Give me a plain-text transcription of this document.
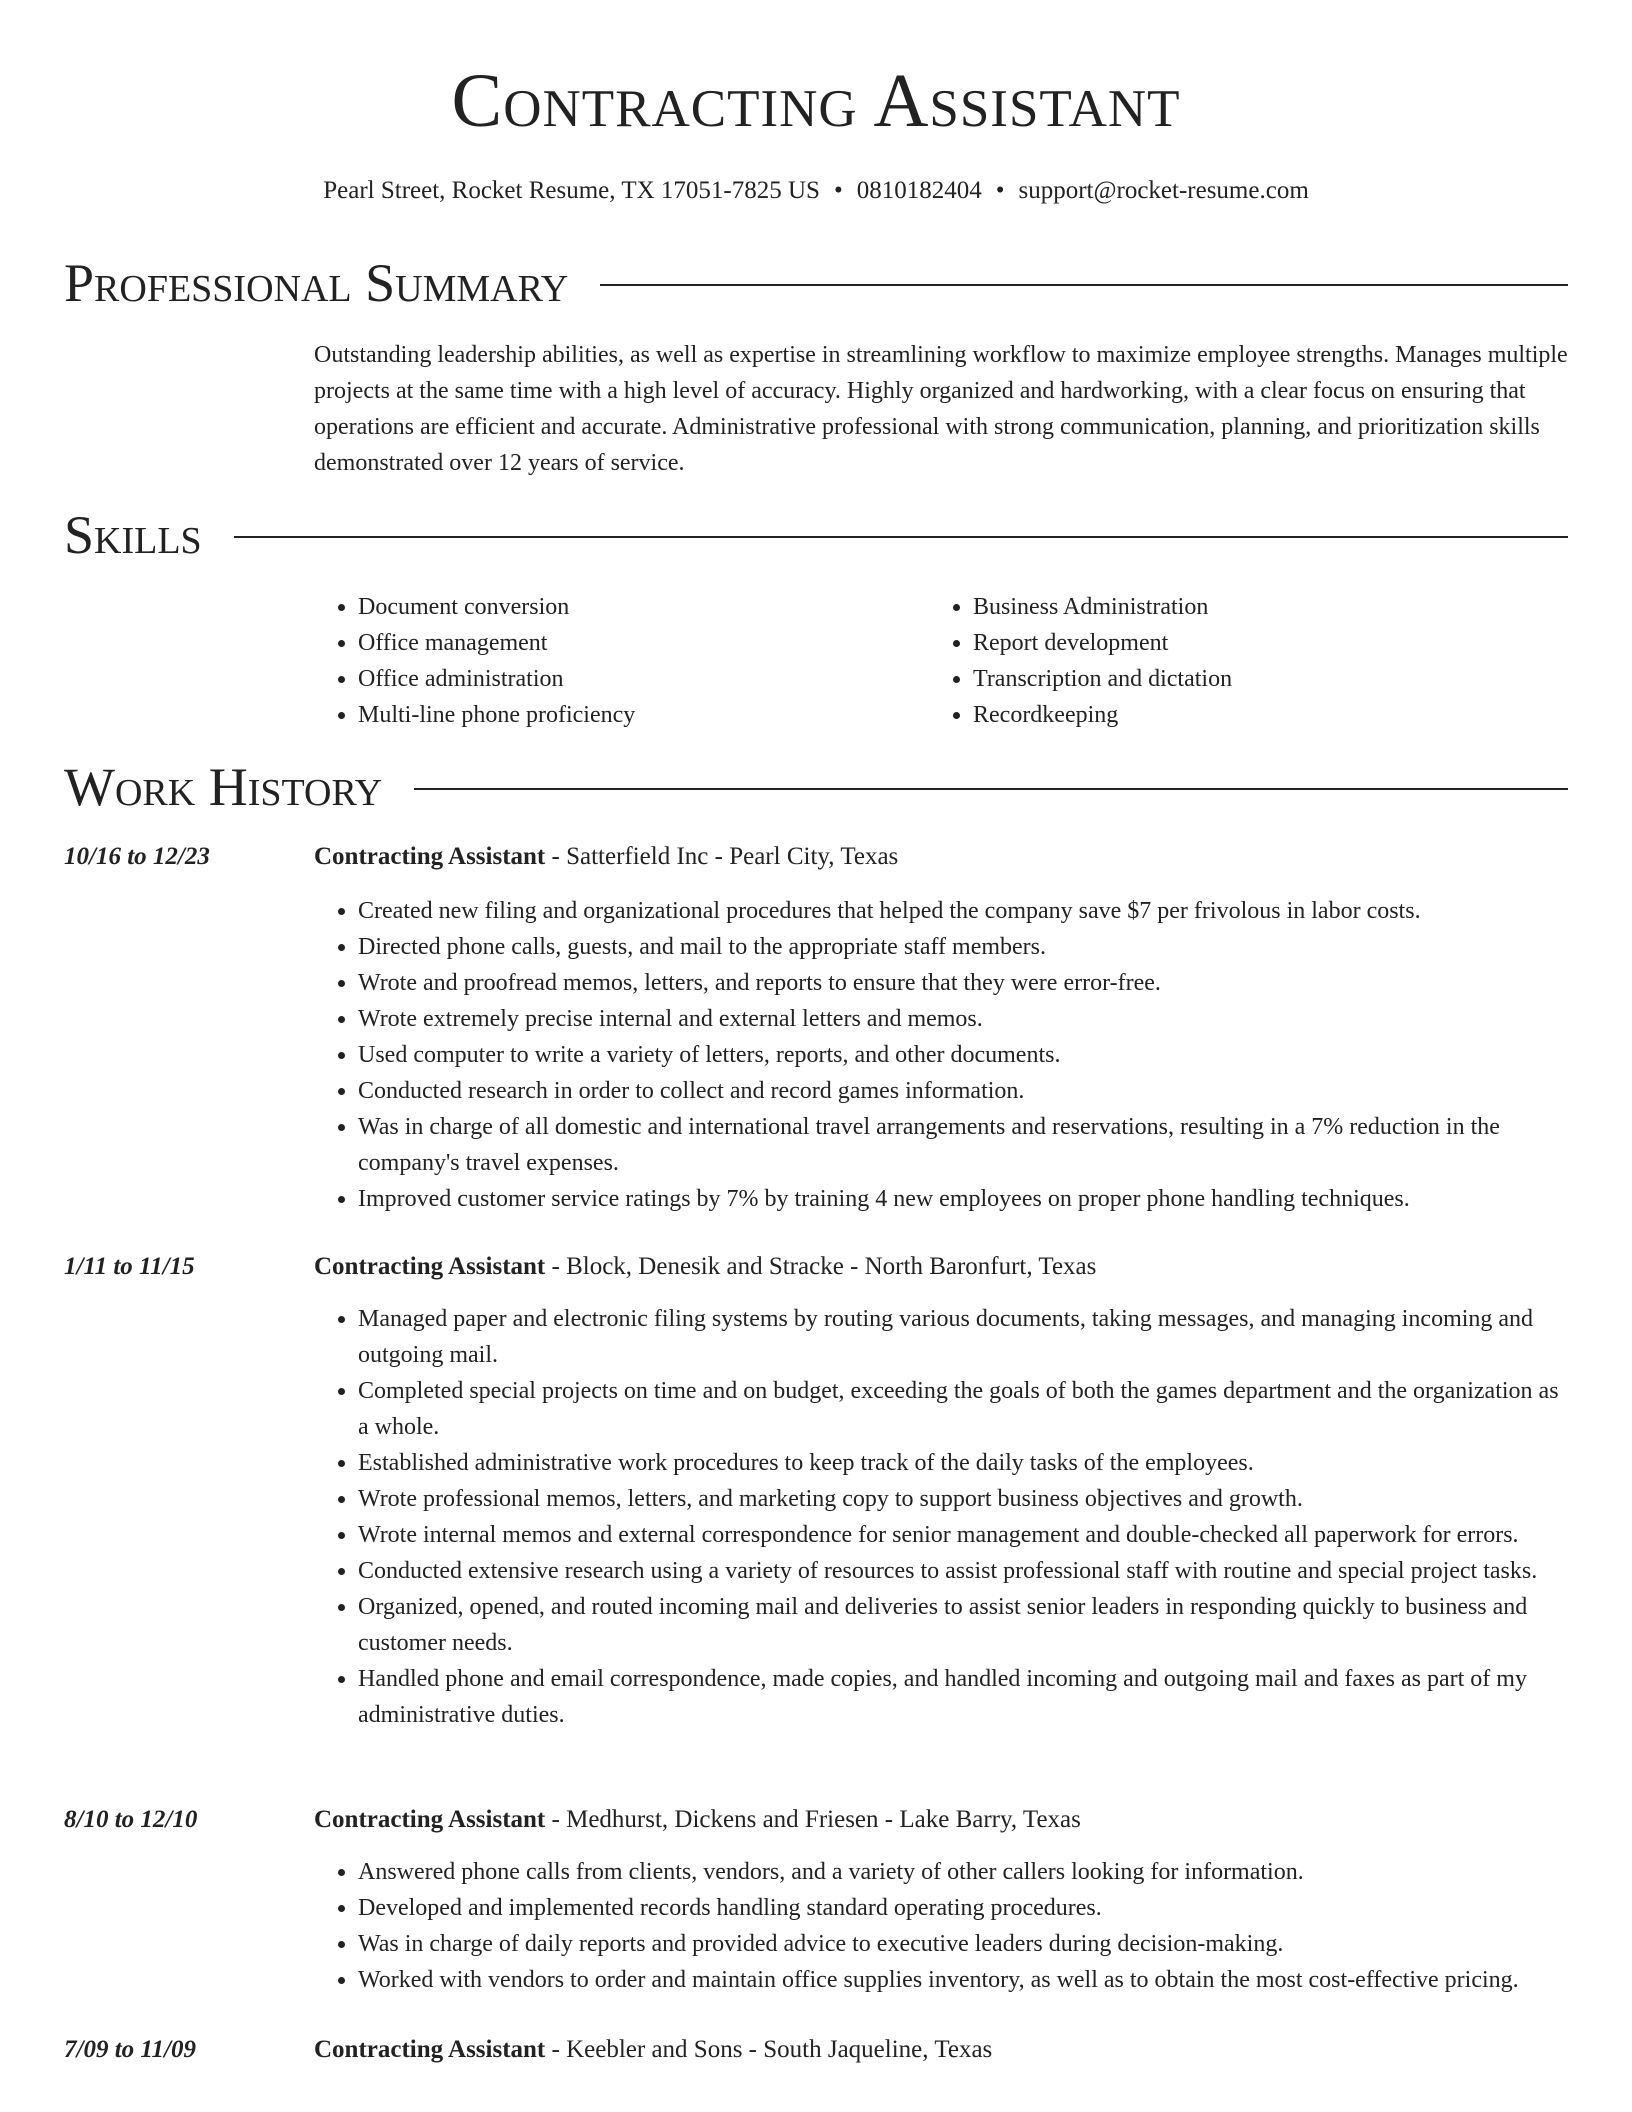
Contracting Assistant
Pearl Street, Rocket Resume, TX 17051-7825 US • 0810182404 • support@rocket-resume.com
Professional Summary

Outstanding leadership abilities, as well as expertise in streamlining workflow to maximize employee strengths. Manages multiple projects at the same time with a high level of accuracy. Highly organized and hardworking, with a clear focus on ensuring that operations are efficient and accurate. Administrative professional with strong communication, planning, and prioritization skills demonstrated over 12 years of service.

Skills
• Document conversion
• Office management
• Office administration
• Multi-line phone proficiency
• Business Administration
• Report development
• Transcription and dictation
• Recordkeeping
Work History
10/16 to 12/23	Contracting Assistant - Satterfield Inc - Pearl City, Texas
• Created new filing and organizational procedures that helped the company save $7 per frivolous in labor costs.
• Directed phone calls, guests, and mail to the appropriate staff members.
• Wrote and proofread memos, letters, and reports to ensure that they were error-free.
• Wrote extremely precise internal and external letters and memos.
• Used computer to write a variety of letters, reports, and other documents.
• Conducted research in order to collect and record games information.
• Was in charge of all domestic and international travel arrangements and reservations, resulting in a 7% reduction in the company's travel expenses.
• Improved customer service ratings by 7% by training 4 new employees on proper phone handling techniques.
1/11 to 11/15	Contracting Assistant - Block, Denesik and Stracke - North Baronfurt, Texas
• Managed paper and electronic filing systems by routing various documents, taking messages, and managing incoming and outgoing mail.
• Completed special projects on time and on budget, exceeding the goals of both the games department and the organization as a whole.
• Established administrative work procedures to keep track of the daily tasks of the employees.
• Wrote professional memos, letters, and marketing copy to support business objectives and growth.
• Wrote internal memos and external correspondence for senior management and double-checked all paperwork for errors.
• Conducted extensive research using a variety of resources to assist professional staff with routine and special project tasks.
• Organized, opened, and routed incoming mail and deliveries to assist senior leaders in responding quickly to business and customer needs.
• Handled phone and email correspondence, made copies, and handled incoming and outgoing mail and faxes as part of my administrative duties.
8/10 to 12/10	Contracting Assistant - Medhurst, Dickens and Friesen - Lake Barry, Texas
• Answered phone calls from clients, vendors, and a variety of other callers looking for information.
• Developed and implemented records handling standard operating procedures.
• Was in charge of daily reports and provided advice to executive leaders during decision-making.
• Worked with vendors to order and maintain office supplies inventory, as well as to obtain the most cost-effective pricing.
7/09 to 11/09	Contracting Assistant - Keebler and Sons - South Jaqueline, Texas
